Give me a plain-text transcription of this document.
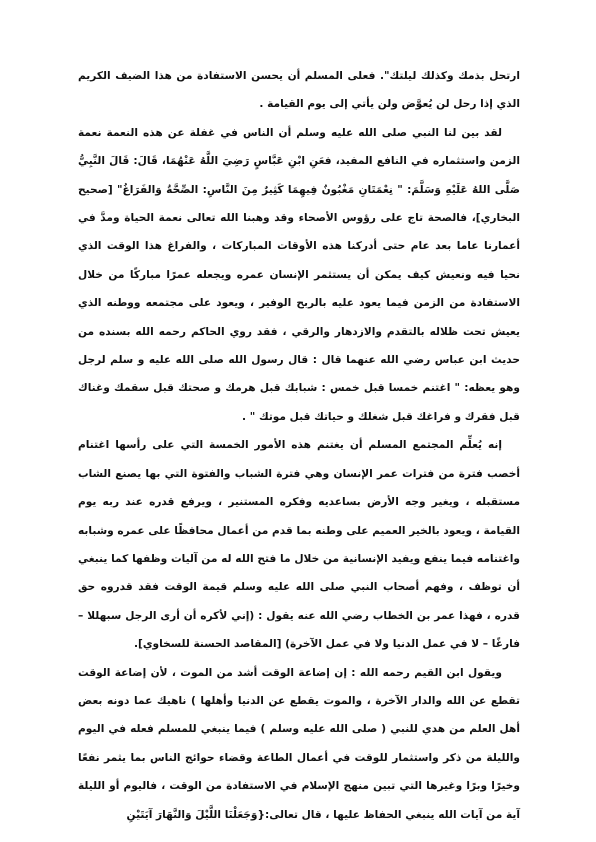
ارتحل بذمك وكذلك ليلتك". فعلى المسلم أن يحسن الاستفادة من هذا الضيف الكريم الذي إذا رحل لن يُعوَّض ولن يأتي إلى يوم القيامة .

لقد بين لنا النبي صلى الله عليه وسلم أن الناس في غفلة عن هذه النعمة نعمة الزمن واستثماره في النافع المفيد، فعَنِ ابْنِ عَبَّاسٍ رَضِيَ اللَّهُ عَنْهُمَا، قَالَ: قَالَ النَّبِيُّ صَلَّى اللهُ عَلَيْهِ وَسَلَّمَ: " نِعْمَتَانِ مَغْبُونٌ فِيهِمَا كَثِيرٌ مِنَ النَّاسِ: الصِّحَّةُ وَالفَرَاغُ" [صحيح البخاري]، فالصحة تاج على رؤوس الأصحاء وقد وهبنا الله تعالى نعمة الحياة ومدَّ في أعمارنا عاما بعد عام حتى أدركنا هذه الأوقات المباركات ، والفراغ هذا الوقت الذي نحيا فيه ونعيش كيف يمكن أن يستثمر الإنسان عمره ويجعله عمرًا مباركًا من خلال الاستفادة من الزمن فيما يعود عليه بالربح الوفير ، ويعود على مجتمعه ووطنه الذي يعيش تحت ظلاله بالتقدم والازدهار والرقي ، فقد روي الحاكم رحمه الله بسنده من حديث ابن عباس رضي الله عنهما قال : قال رسول الله صلى الله عليه و سلم لرجل وهو يعظه: " اغتنم خمسا قبل خمس : شبابك قبل هرمك و صحتك قبل سقمك وغناك قبل فقرك و فراغك قبل شغلك و حياتك قبل موتك " .

إنه يُعلِّم المجتمع المسلم أن يغتنم هذه الأمور الخمسة التي على رأسها اغتنام أخصب فترة من فترات عمر الإنسان وهي فترة الشباب والفتوة التي بها يصنع الشاب مستقبله ، ويغير وجه الأرض بساعديه وفكره المستنير ، ويرفع قدره عند ربه يوم القيامة ، ويعود بالخير العميم على وطنه بما قدم من أعمال محافظًا على عمره وشبابه واغتنامه فيما ينفع ويفيد الإنسانية من خلال ما فتح الله له من آليات وظفها كما ينبغي أن توظف ، وفهم أصحاب النبي صلى الله عليه وسلم قيمة الوقت فقد قدروه حق قدره ، فهذا عمر بن الخطاب رضي الله عنه يقول : (إني لأكره أن أرى الرجل سبهللا – فارغًا – لا في عمل الدنيا ولا في عمل الآخرة) [المقاصد الحسنة للسخاوي].

ويقول ابن القيم رحمه الله : إن إضاعة الوقت أشد من الموت ، لأن إضاعة الوقت تقطع عن الله والدار الآخرة ، والموت يقطع عن الدنيا وأهلها ) ناهيك عما دونه بعض أهل العلم من هدي للنبي ( صلى الله عليه وسلم ) فيما ينبغي للمسلم فعله في اليوم والليلة من ذكر واستثمار للوقت في أعمال الطاعة وقضاء حوائج الناس بما يثمر نفعًا وخيرًا وبرًا وغيرها التي تبين منهج الإسلام في الاستفادة من الوقت ، فاليوم أو الليلة آية من آيات الله ينبغي الحفاظ عليها ، قال تعالى:{وَجَعَلْنَا اللَّيْلَ وَالنَّهَارَ آيَتَيْنِ
